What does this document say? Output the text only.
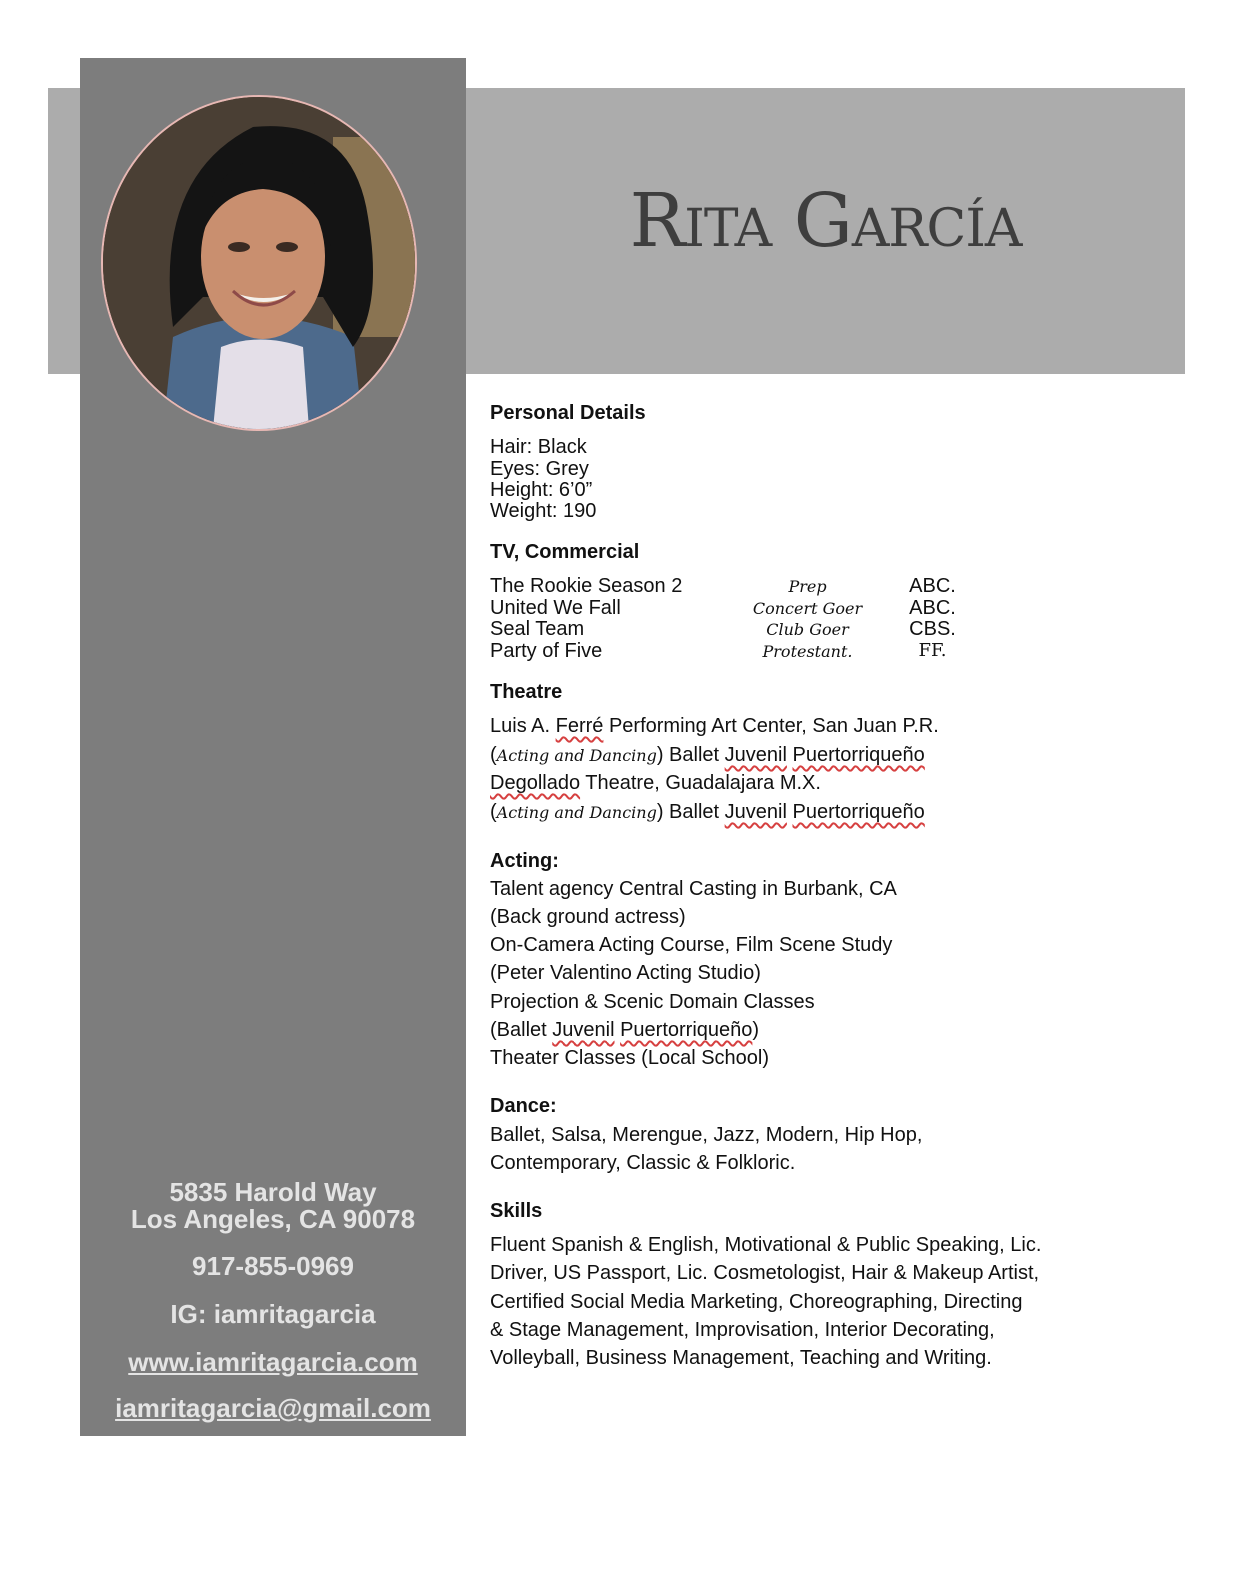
Rita García
5835 Harold Way
Los Angeles, CA 90078
917-855-0969
IG: iamritagarcia
www.iamritagarcia.com
iamritagarcia@gmail.com
Personal Details
Hair: Black
Eyes: Grey
Height: 6’0”
Weight: 190
TV, Commercial
The Rookie Season 2	Prep	ABC.
United We Fall	Concert Goer	ABC.
Seal Team	Club Goer	CBS.
Party of Five	Protestant.	FF.
Theatre
Luis A. Ferré Performing Art Center, San Juan P.R.
(Acting and Dancing) Ballet Juvenil Puertorriqueño
Degollado Theatre, Guadalajara M.X.
(Acting and Dancing) Ballet Juvenil Puertorriqueño
Acting:
Talent agency Central Casting in Burbank, CA
(Back ground actress)
On-Camera Acting Course, Film Scene Study
(Peter Valentino Acting Studio)
Projection & Scenic Domain Classes
(Ballet Juvenil Puertorriqueño)
Theater Classes (Local School)
Dance:
Ballet, Salsa, Merengue, Jazz, Modern, Hip Hop,
Contemporary, Classic & Folkloric.
Skills
Fluent Spanish & English, Motivational & Public Speaking, Lic.
Driver, US Passport, Lic. Cosmetologist, Hair & Makeup Artist,
Certified Social Media Marketing, Choreographing, Directing
& Stage Management, Improvisation, Interior Decorating,
Volleyball, Business Management, Teaching and Writing.
